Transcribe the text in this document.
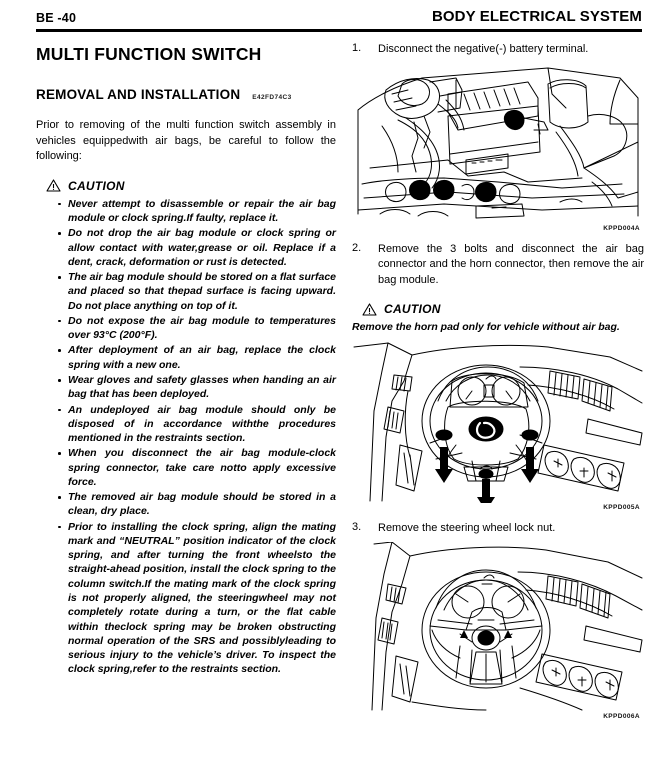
BE -40	BODY ELECTRICAL SYSTEM
MULTI FUNCTION SWITCH
REMOVAL AND INSTALLATION E42FD74C3

Prior to removing of the multi function switch assembly in vehicles equippedwith air bags, be careful to follow the following:

CAUTION
Never attempt to disassemble or repair the air bag module or clock spring.If faulty, replace it.
Do not drop the air bag module or clock spring or allow contact with water,grease or oil. Replace if a dent, crack, deformation or rust is detected.
The air bag module should be stored on a flat surface and placed so that thepad surface is facing upward. Do not place anything on top of it.
Do not expose the air bag module to temperatures over 93°C (200°F).
After deployment of an air bag, replace the clock spring with a new one.
Wear gloves and safety glasses when handing an air bag that has been deployed.
An undeployed air bag module should only be disposed of in accordance withthe procedures mentioned in the restraints section.
When you disconnect the air bag module-clock spring connector, take care notto apply excessive force.
The removed air bag module should be stored in a clean, dry place.
Prior to installing the clock spring, align the mating mark and “NEUTRAL” position indicator of the clock spring, and after turning the front wheelsto the straight-ahead position, install the clock spring to the column switch.If the mating mark of the clock spring is not properly aligned, the steeringwheel may not completely rotate during a turn, or the flat cable within theclock spring may be broken obstructing normal operation of the SRS and possiblyleading to serious injury to the vehicle’s driver. To inspect the clock spring,refer to the restraints section.
1.	Disconnect the negative(-) battery terminal.
KPPD004A
2.	Remove the 3 bolts and disconnect the air bag connector and the horn connector, then remove the air bag module.
CAUTION

Remove the horn pad only for vehicle without air bag.

KPPD005A
3.	Remove the steering wheel lock nut.
KPPD006A
